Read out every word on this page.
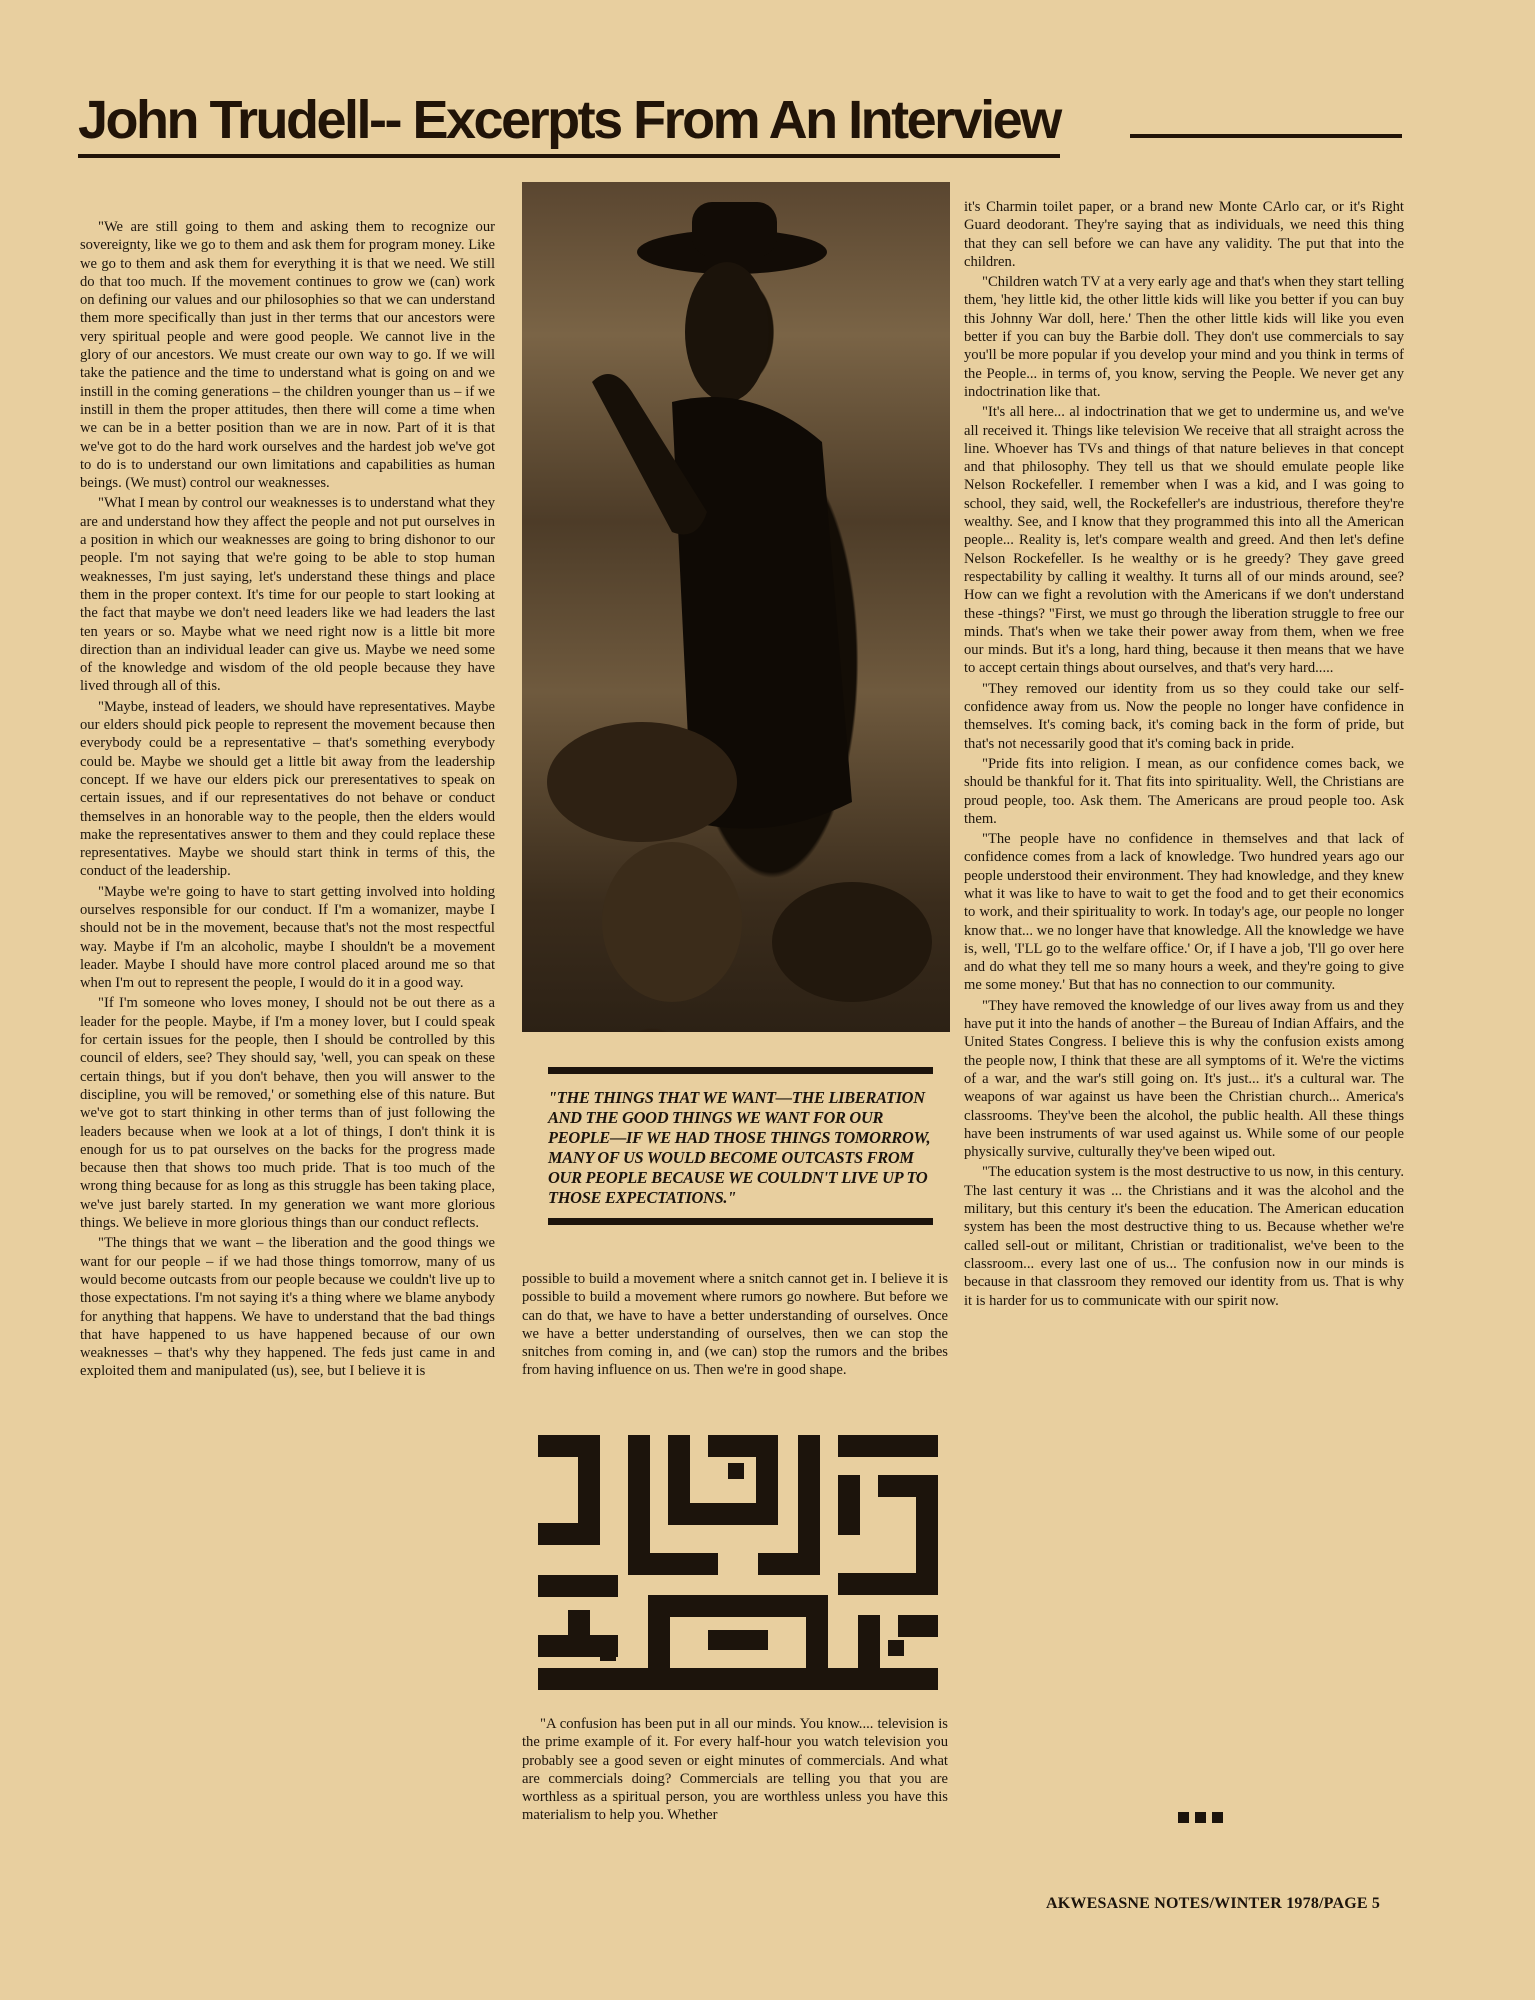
John Trudell-- Excerpts From An Interview

"We are still going to them and asking them to recognize our sovereignty, like we go to them and ask them for program money. Like we go to them and ask them for everything it is that we need. We still do that too much. If the movement continues to grow we (can) work on defining our values and our philosophies so that we can understand them more specifically than just in ther terms that our ancestors were very spiritual people and were good people. We cannot live in the glory of our ancestors. We must create our own way to go. If we will take the patience and the time to understand what is going on and we instill in the coming generations – the children younger than us – if we instill in them the proper attitudes, then there will come a time when we can be in a better position than we are in now. Part of it is that we've got to do the hard work ourselves and the hardest job we've got to do is to understand our own limitations and capabilities as human beings. (We must) control our weaknesses.

"What I mean by control our weaknesses is to understand what they are and understand how they affect the people and not put ourselves in a position in which our weaknesses are going to bring dishonor to our people. I'm not saying that we're going to be able to stop human weaknesses, I'm just saying, let's understand these things and place them in the proper context. It's time for our people to start looking at the fact that maybe we don't need leaders like we had leaders the last ten years or so. Maybe what we need right now is a little bit more direction than an individual leader can give us. Maybe we need some of the knowledge and wisdom of the old people because they have lived through all of this.

"Maybe, instead of leaders, we should have representatives. Maybe our elders should pick people to represent the movement because then everybody could be a representative – that's something everybody could be. Maybe we should get a little bit away from the leadership concept. If we have our elders pick our preresentatives to speak on certain issues, and if our representatives do not behave or conduct themselves in an honorable way to the people, then the elders would make the representatives answer to them and they could replace these representatives. Maybe we should start think in terms of this, the conduct of the leadership.

"Maybe we're going to have to start getting involved into holding ourselves responsible for our conduct. If I'm a womanizer, maybe I should not be in the movement, because that's not the most respectful way. Maybe if I'm an alcoholic, maybe I shouldn't be a movement leader. Maybe I should have more control placed around me so that when I'm out to represent the people, I would do it in a good way.

"If I'm someone who loves money, I should not be out there as a leader for the people. Maybe, if I'm a money lover, but I could speak for certain issues for the people, then I should be controlled by this council of elders, see? They should say, 'well, you can speak on these certain things, but if you don't behave, then you will answer to the discipline, you will be removed,' or something else of this nature. But we've got to start thinking in other terms than of just following the leaders because when we look at a lot of things, I don't think it is enough for us to pat ourselves on the backs for the progress made because then that shows too much pride. That is too much of the wrong thing because for as long as this struggle has been taking place, we've just barely started. In my generation we want more glorious things. We believe in more glorious things than our conduct reflects.

"The things that we want – the liberation and the good things we want for our people – if we had those things tomorrow, many of us would become outcasts from our people because we couldn't live up to those expectations. I'm not saying it's a thing where we blame anybody for anything that happens. We have to understand that the bad things that have happened to us have happened because of our own weaknesses – that's why they happened. The feds just came in and exploited them and manipulated (us), see, but I believe it is

"THE THINGS THAT WE WANT—THE LIBERATION AND THE GOOD THINGS WE WANT FOR OUR PEOPLE—IF WE HAD THOSE THINGS TOMORROW, MANY OF US WOULD BECOME OUTCASTS FROM OUR PEOPLE BECAUSE WE COULDN'T LIVE UP TO THOSE EXPECTATIONS."

possible to build a movement where a snitch cannot get in. I believe it is possible to build a movement where rumors go nowhere. But before we can do that, we have to have a better understanding of ourselves. Once we have a better understanding of ourselves, then we can stop the snitches from coming in, and (we can) stop the rumors and the bribes from having influence on us. Then we're in good shape.

"A confusion has been put in all our minds. You know.... television is the prime example of it. For every half-hour you watch television you probably see a good seven or eight minutes of commercials. And what are commercials doing? Commercials are telling you that you are worthless as a spiritual person, you are worthless unless you have this materialism to help you. Whether

it's Charmin toilet paper, or a brand new Monte CArlo car, or it's Right Guard deodorant. They're saying that as individuals, we need this thing that they can sell before we can have any validity. The put that into the children.

"Children watch TV at a very early age and that's when they start telling them, 'hey little kid, the other little kids will like you better if you can buy this Johnny War doll, here.' Then the other little kids will like you even better if you can buy the Barbie doll. They don't use commercials to say you'll be more popular if you develop your mind and you think in terms of the People... in terms of, you know, serving the People. We never get any indoctrination like that.

"It's all here... al indoctrination that we get to undermine us, and we've all received it. Things like television We receive that all straight across the line. Whoever has TVs and things of that nature believes in that concept and that philosophy. They tell us that we should emulate people like Nelson Rockefeller. I remember when I was a kid, and I was going to school, they said, well, the Rockefeller's are industrious, therefore they're wealthy. See, and I know that they programmed this into all the American people... Reality is, let's compare wealth and greed. And then let's define Nelson Rockefeller. Is he wealthy or is he greedy? They gave greed respectability by calling it wealthy. It turns all of our minds around, see? How can we fight a revolution with the Americans if we don't understand these -things? "First, we must go through the liberation struggle to free our minds. That's when we take their power away from them, when we free our minds. But it's a long, hard thing, because it then means that we have to accept certain things about ourselves, and that's very hard.....

"They removed our identity from us so they could take our self-confidence away from us. Now the people no longer have confidence in themselves. It's coming back, it's coming back in the form of pride, but that's not necessarily good that it's coming back in pride.

"Pride fits into religion. I mean, as our confidence comes back, we should be thankful for it. That fits into spirituality. Well, the Christians are proud people, too. Ask them. The Americans are proud people too. Ask them.

"The people have no confidence in themselves and that lack of confidence comes from a lack of knowledge. Two hundred years ago our people understood their environment. They had knowledge, and they knew what it was like to have to wait to get the food and to get their economics to work, and their spirituality to work. In today's age, our people no longer know that... we no longer have that knowledge. All the knowledge we have is, well, 'I'LL go to the welfare office.' Or, if I have a job, 'I'll go over here and do what they tell me so many hours a week, and they're going to give me some money.' But that has no connection to our community.

"They have removed the knowledge of our lives away from us and they have put it into the hands of another – the Bureau of Indian Affairs, and the United States Congress. I believe this is why the confusion exists among the people now, I think that these are all symptoms of it. We're the victims of a war, and the war's still going on. It's just... it's a cultural war. The weapons of war against us have been the Christian church... America's classrooms. They've been the alcohol, the public health. All these things have been instruments of war used against us. While some of our people physically survive, culturally they've been wiped out.

"The education system is the most destructive to us now, in this century. The last century it was ... the Christians and it was the alcohol and the military, but this century it's been the education. The American education system has been the most destructive thing to us. Because whether we're called sell-out or militant, Christian or traditionalist, we've been to the classroom... every last one of us... The confusion now in our minds is because in that classroom they removed our identity from us. That is why it is harder for us to communicate with our spirit now.

AKWESASNE NOTES/WINTER 1978/PAGE 5
